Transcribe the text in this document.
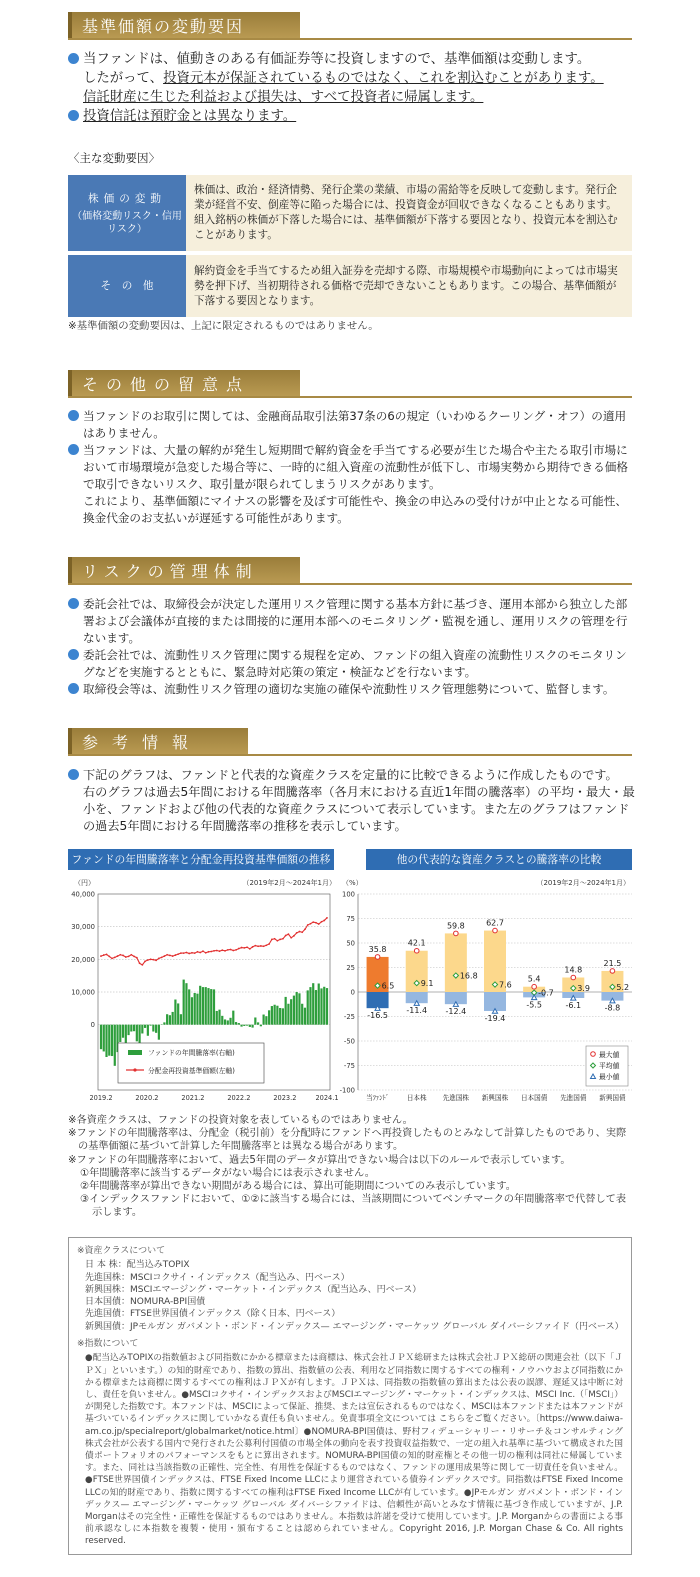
基準価額の変動要因
当ファンドは、値動きのある有価証券等に投資しますので、基準価額は変動します。
したがって、投資元本が保証されているものではなく、これを割込むことがあります。
信託財産に生じた利益および損失は、すべて投資者に帰属します。
投資信託は預貯金とは異なります。
〈主な変動要因〉
株価の変動
（価格変動リスク・信用リスク）	株価は、政治・経済情勢、発行企業の業績、市場の需給等を反映して変動します。発行企業が経営不安、倒産等に陥った場合には、投資資金が回収できなくなることもあります。組入銘柄の株価が下落した場合には、基準価額が下落する要因となり、投資元本を割込むことがあります。
そ　の　他	解約資金を手当てするため組入証券を売却する際、市場規模や市場動向によっては市場実勢を押下げ、当初期待される価格で売却できないこともあります。この場合、基準価額が下落する要因となります。
※基準価額の変動要因は、上記に限定されるものではありません。
その他の留意点
当ファンドのお取引に関しては、金融商品取引法第37条の6の規定（いわゆるクーリング・オフ）の適用はありません。
当ファンドは、大量の解約が発生し短期間で解約資金を手当てする必要が生じた場合や主たる取引市場において市場環境が急変した場合等に、一時的に組入資産の流動性が低下し、市場実勢から期待できる価格で取引できないリスク、取引量が限られてしまうリスクがあります。
これにより、基準価額にマイナスの影響を及ぼす可能性や、換金の申込みの受付けが中止となる可能性、換金代金のお支払いが遅延する可能性があります。
リスクの管理体制
委託会社では、取締役会が決定した運用リスク管理に関する基本方針に基づき、運用本部から独立した部署および会議体が直接的または間接的に運用本部へのモニタリング・監視を通し、運用リスクの管理を行ないます。
委託会社では、流動性リスク管理に関する規程を定め、ファンドの組入資産の流動性リスクのモニタリングなどを実施するとともに、緊急時対応策の策定・検証などを行ないます。
取締役会等は、流動性リスク管理の適切な実施の確保や流動性リスク管理態勢について、監督します。
参考情報
下記のグラフは、ファンドと代表的な資産クラスを定量的に比較できるように作成したものです。
右のグラフは過去5年間における年間騰落率（各月末における直近1年間の騰落率）の平均・最大・最小を、ファンドおよび他の代表的な資産クラスについて表示しています。また左のグラフはファンドの過去5年間における年間騰落率の推移を表示しています。
ファンドの年間騰落率と分配金再投資基準価額の推移	他の代表的な資産クラスとの騰落率の比較
（円）	（2019年2月～2024年1月）
40,000
30,000
20,000
10,000
0
2019.2	2020.2	2021.2	2022.2	2023.2	2024.1
ファンドの年間騰落率(右軸)
分配金再投資基準価額(左軸)
（%）	（2019年2月～2024年1月）
35.8
6.5
-16.5
42.1
9.1
-11.4
59.8
16.8
-12.4
62.7
7.6
-19.4
5.4
-0.7
-5.5
14.8
3.9
-6.1
21.5
5.2
-8.8
100
75
50
25
0
-25
-50
-75
-100
当ﾌｧﾝﾄﾞ	日本株 先進国株 新興国株 日本国債 先進国債 新興国債
最大値
平均値
最小値
※各資産クラスは、ファンドの投資対象を表しているものではありません。
※ファンドの年間騰落率は、分配金（税引前）を分配時にファンドへ再投資したものとみなして計算したものであり、実際の基準価額に基づいて計算した年間騰落率とは異なる場合があります。
※ファンドの年間騰落率において、過去5年間のデータが算出できない場合は以下のルールで表示しています。
①年間騰落率に該当するデータがない場合には表示されません。
②年間騰落率が算出できない期間がある場合には、算出可能期間についてのみ表示しています。
③インデックスファンドにおいて、①②に該当する場合には、当該期間についてベンチマークの年間騰落率で代替して表示します。
※資産クラスについて
日 本 株：配当込みTOPIX
先進国株：MSCIコクサイ・インデックス（配当込み、円ベース）
新興国株：MSCIエマージング・マーケット・インデックス（配当込み、円ベース）
日本国債：NOMURA-BPI国債
先進国債：FTSE世界国債インデックス（除く日本、円ベース）
新興国債：JPモルガン ガバメント・ボンド・インデックス— エマージング・マーケッツ グローバル ダイバーシファイド（円ベース）
※指数について
●配当込みTOPIXの指数値および同指数にかかる標章または商標は、株式会社ＪＰＸ総研または株式会社ＪＰＸ総研の関連会社（以下「ＪＰＸ」といいます。）の知的財産であり、指数の算出、指数値の公表、利用など同指数に関するすべての権利・ノウハウおよび同指数にかかる標章または商標に関するすべての権利はＪＰＸが有します。ＪＰＸは、同指数の指数値の算出または公表の誤謬、遅延又は中断に対し、責任を負いません。●MSCIコクサイ・インデックスおよびMSCIエマージング・マーケット・インデックスは、MSCI Inc.（「MSCI」）が開発した指数です。本ファンドは、MSCIによって保証、推奨、または宣伝されるものではなく、MSCIは本ファンドまたは本ファンドが基づいているインデックスに関していかなる責任も負いません。免責事項全文については こちらをご覧ください。〔https://www.daiwa-am.co.jp/specialreport/globalmarket/notice.html〕●NOMURA-BPI国債は、野村フィデューシャリー・リサーチ＆コンサルティング株式会社が公表する国内で発行された公募利付国債の市場全体の動向を表す投資収益指数で、一定の組入れ基準に基づいて構成された国債ポートフォリオのパフォーマンスをもとに算出されます。NOMURA-BPI国債の知的財産権とその他一切の権利は同社に帰属しています。また、同社は当該指数の正確性、完全性、有用性を保証するものではなく、ファンドの運用成果等に関して一切責任を負いません。●FTSE世界国債インデックスは、FTSE Fixed Income LLCにより運営されている債券インデックスです。同指数はFTSE Fixed Income LLCの知的財産であり、指数に関するすべての権利はFTSE Fixed Income LLCが有しています。●JPモルガン ガバメント・ボンド・インデックス— エマージング・マーケッツ グローバル ダイバーシファイドは、信頼性が高いとみなす情報に基づき作成していますが、J.P. Morganはその完全性・正確性を保証するものではありません。本指数は許諾を受けて使用しています。J.P. Morganからの書面による事前承認なしに本指数を複製・使用・頒布することは認められていません。Copyright 2016, J.P. Morgan Chase & Co. All rights reserved.
